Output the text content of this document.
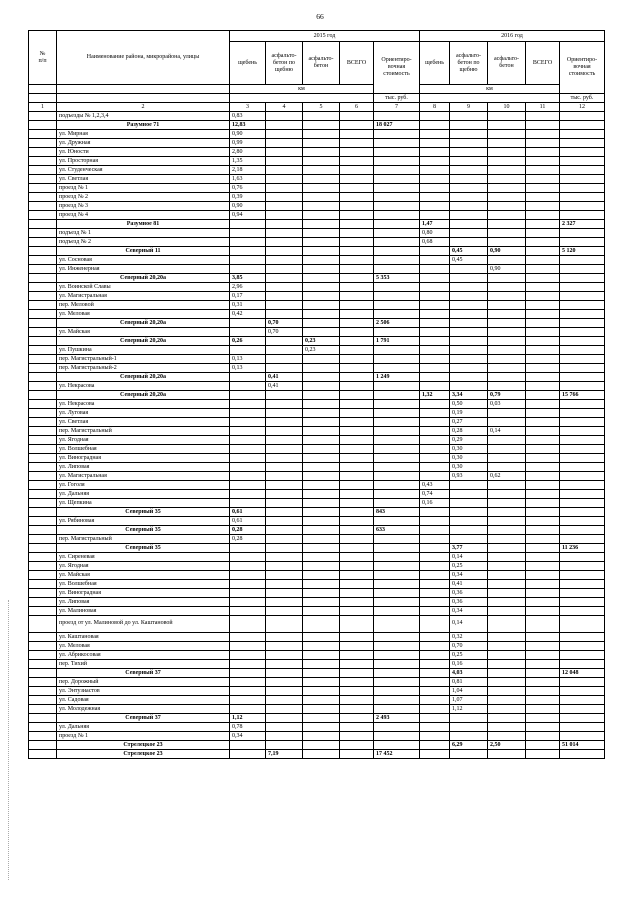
66
№
п/п	Наименование района, микрорайона, улицы	2015 год					2016 год				
		щебень	асфальто-бетон по щебню	асфальто-бетон	ВСЕГО	Ориентиро-вочная стоимость	щебень	асфальто-бетон по щебню	асфальто-бетон	ВСЕГО	Ориентиро-вочная стоимость
		км					км				
						тыс. руб.					тыс. руб.
1	2	3	4	5	6	7	8	9	10	11	12
	подъезды № 1,2,3,4	0,83									
	Разумное 71	12,83				18 027					
	ул. Мирная	0,90									
	ул. Дружная	0,99									
	ул. Юности	2,80									
	ул. Просторная	1,35									
	ул. Студенческая	2,18									
	ул. Светлая	1,63									
	проезд № 1	0,76									
	проезд № 2	0,39									
	проезд № 3	0,90									
	проезд № 4	0,94									
	Разумное 81						1,47				2 327
	подъезд № 1						0,80				
	подъезд № 2						0,68				
	Северный 11							0,45	0,90		5 120
	ул. Сосновая							0,45			
	ул. Инженерная								0,90		
	Северный 20,20а	3,85				5 353					
	ул. Воинской Славы	2,96									
	ул. Магистральная	0,17									
	пер. Меловой	0,31									
	ул. Меловая	0,42									
	Северный 20,20а		0,70			2 506					
	ул. Майская		0,70								
	Северный 20,20а	0,26		0,23		1 791					
	ул. Пушкина			0,23							
	пер. Магистральный-1	0,13									
	пер. Магистральный-2	0,13									
	Северный 20,20а		0,41			1 249					
	ул. Некрасова		0,41								
	Северный 20,20а						1,32	3,34	0,79		15 766
	ул. Некрасова							0,50	0,03		
	ул. Луговая							0,19			
	ул. Светлая							0,27			
	пер. Магистральный							0,28	0,14		
	ул. Ягодная							0,29			
	ул. Волшебная							0,30			
	ул. Виноградная							0,30			
	ул. Липовая							0,30			
	ул. Магистральная							0,93	0,62		
	ул. Гоголя						0,43				
	ул. Дальняя						0,74				
	ул. Щепкина						0,16				
	Северный 35	0,61				843					
	ул. Рябиновая	0,61									
	Северный 35	0,28				633					
	пер. Магистральный	0,28									
	Северный 35							3,77			11 236
	ул. Сиреневая							0,14			
	ул. Ягодная							0,25			
	ул. Майская							0,34			
	ул. Волшебная							0,41			
	ул. Виноградная							0,36			
	ул. Липовая							0,36			
	ул. Малиновая							0,34			
	проезд от ул. Малиновой до ул. Каштановой							0,14			
	ул. Каштановая							0,32			
	ул. Меловая							0,70			
	ул. Абрикосовая							0,25			
	пер. Тихий							0,16			
	Северный 37							4,03			12 048
	пер. Дорожный							0,81			
	ул. Энтузиастов							1,04			
	ул. Садовая							1,07			
	ул. Молодежная							1,12			
	Северный 37	1,12				2 493					
	ул. Дальняя	0,78									
	проезд № 1	0,34									
	Стрелецкое 23							6,29	2,50		51 014
	Стрелецкое 23		7,19			17 452					
